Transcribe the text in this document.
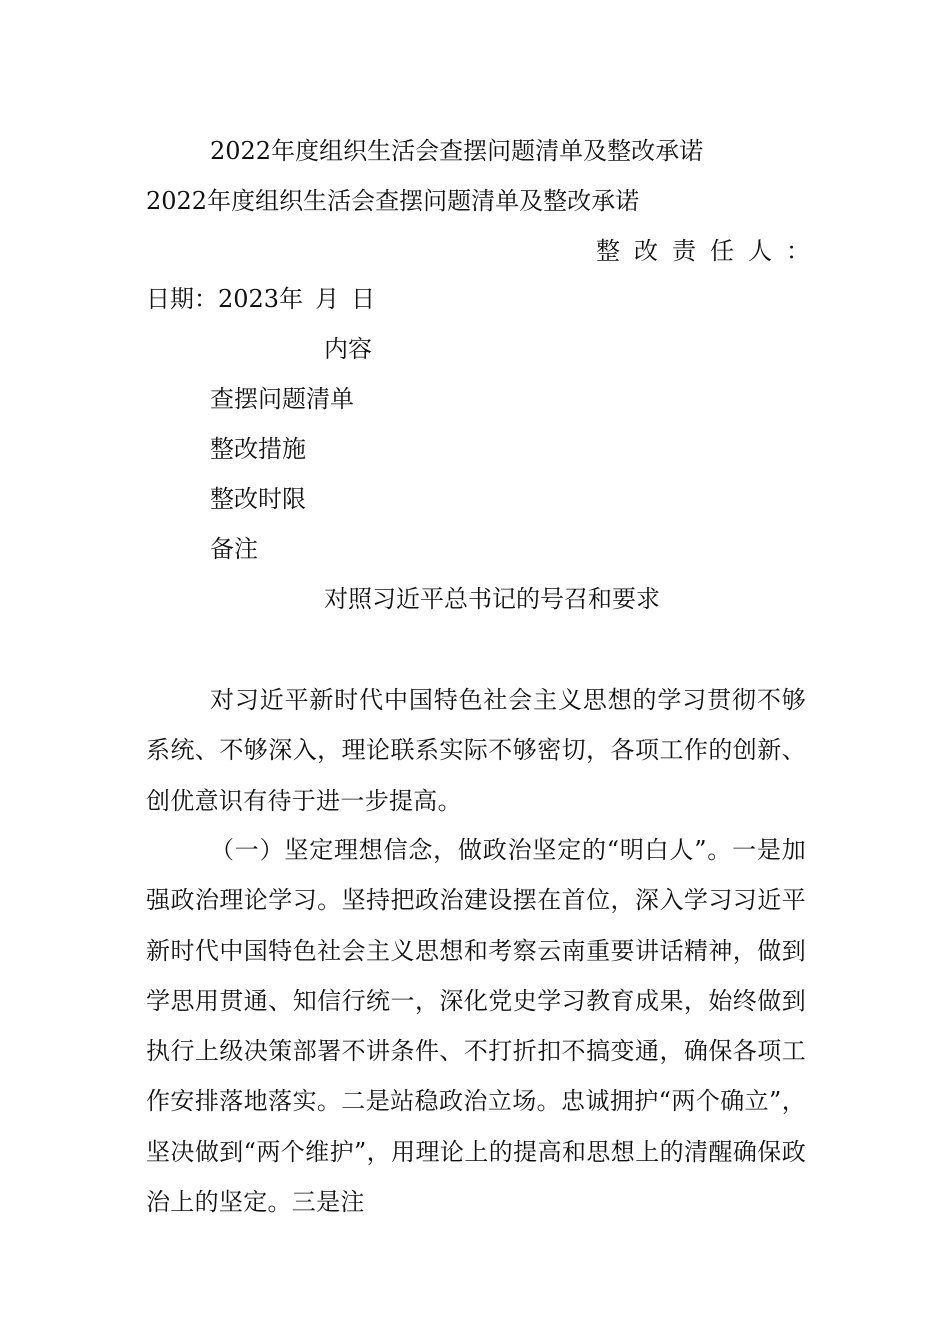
2022年度组织生活会查摆问题清单及整改承诺
2022年度组织生活会查摆问题清单及整改承诺
整改责任人：
日期：2023年 月 日
内容
查摆问题清单
整改措施
整改时限
备注
对照习近平总书记的号召和要求
对习近平新时代中国特色社会主义思想的学习贯彻不够系统、不够深入，理论联系实际不够密切，各项工作的创新、创优意识有待于进一步提高。
（一）坚定理想信念，做政治坚定的“明白人”。一是加强政治理论学习。坚持把政治建设摆在首位，深入学习习近平新时代中国特色社会主义思想和考察云南重要讲话精神，做到学思用贯通、知信行统一，深化党史学习教育成果，始终做到执行上级决策部署不讲条件、不打折扣不搞变通，确保各项工作安排落地落实。二是站稳政治立场。忠诚拥护“两个确立”，坚决做到“两个维护”，用理论上的提高和思想上的清醒确保政治上的坚定。三是注
